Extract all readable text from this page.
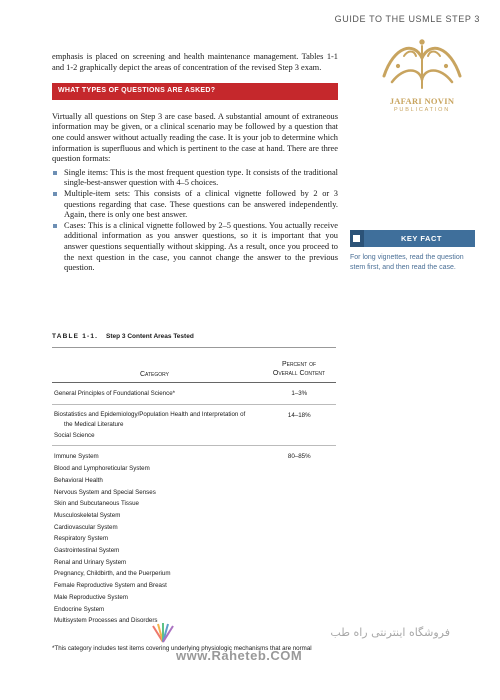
GUIDE TO THE USMLE STEP 3
JAFARI NOVIN
PUBLICATION

emphasis is placed on screening and health maintenance management. Tables 1-1 and 1-2 graphically depict the areas of concentration of the revised Step 3 exam.

WHAT TYPES OF QUESTIONS ARE ASKED?

Virtually all questions on Step 3 are case based. A substantial amount of extraneous information may be given, or a clinical scenario may be followed by a question that one could answer without actually reading the case. It is your job to determine which information is superfluous and which is pertinent to the case at hand. There are three question formats:

Single items: This is the most frequent question type. It consists of the traditional single-best-answer question with 4–5 choices.
Multiple-item sets: This consists of a clinical vignette followed by 2 or 3 questions regarding that case. These questions can be answered independently. Again, there is only one best answer.
Cases: This is a clinical vignette followed by 2–5 questions. You actually receive additional information as you answer questions, so it is important that you answer questions sequentially without skipping. As a result, once you proceed to the next question in the case, you cannot change the answer to the previous question.
KEY FACT
For long vignettes, read the question stem first, and then read the case.
TABLE 1-1. Step 3 Content Areas Tested
Category
Percent of
Overall Content
General Principles of Foundational Science*	1–3%
Biostatistics and Epidemiology/Population Health and Interpretation of
the Medical Literature
14–18%
Social Science
Immune System	80–85%
Blood and Lymphoreticular System
Behavioral Health
Nervous System and Special Senses
Skin and Subcutaneous Tissue
Musculoskeletal System
Cardiovascular System
Respiratory System
Gastrointestinal System
Renal and Urinary System
Pregnancy, Childbirth, and the Puerperium
Female Reproductive System and Breast
Male Reproductive System
Endocrine System
Multisystem Processes and Disorders
*This category includes test items covering underlying physiologic mechanisms that are normal
فروشگاه اینترنتی راه طب
www.Raheteb.COM
